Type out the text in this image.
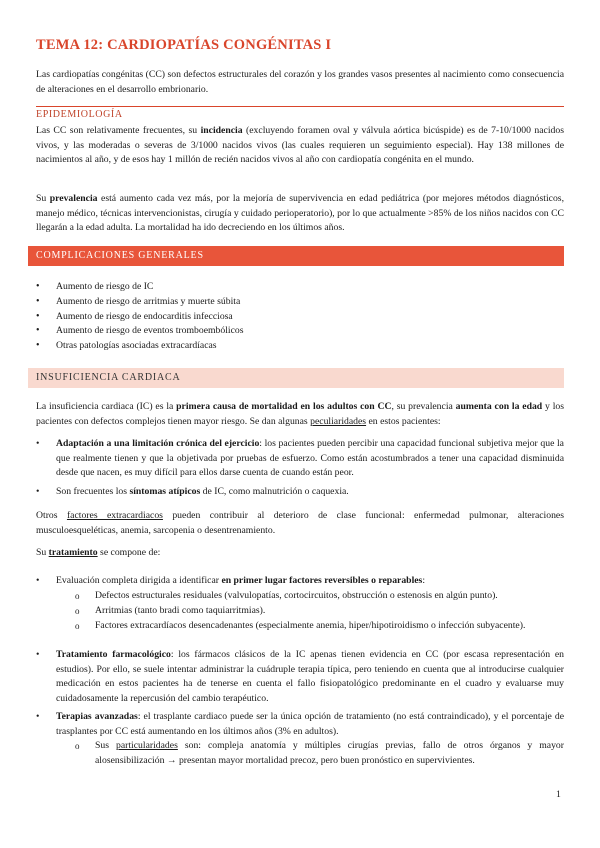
TEMA 12: CARDIOPATÍAS CONGÉNITAS I

Las cardiopatías congénitas (CC) son defectos estructurales del corazón y los grandes vasos presentes al nacimiento como consecuencia de alteraciones en el desarrollo embrionario.

EPIDEMIOLOGÍA

Las CC son relativamente frecuentes, su incidencia (excluyendo foramen oval y válvula aórtica bicúspide) es de 7-10/1000 nacidos vivos, y las moderadas o severas de 3/1000 nacidos vivos (las cuales requieren un seguimiento especial). Hay 138 millones de nacimientos al año, y de esos hay 1 millón de recién nacidos vivos al año con cardiopatía congénita en el mundo.

Su prevalencia está aumento cada vez más, por la mejoría de supervivencia en edad pediátrica (por mejores métodos diagnósticos, manejo médico, técnicas intervencionistas, cirugía y cuidado perioperatorio), por lo que actualmente >85% de los niños nacidos con CC llegarán a la edad adulta. La mortalidad ha ido decreciendo en los últimos años.

COMPLICACIONES GENERALES
• Aumento de riesgo de IC
• Aumento de riesgo de arritmias y muerte súbita
• Aumento de riesgo de endocarditis infecciosa
• Aumento de riesgo de eventos tromboembólicos
• Otras patologías asociadas extracardíacas
INSUFICIENCIA CARDIACA

La insuficiencia cardiaca (IC) es la primera causa de mortalidad en los adultos con CC, su prevalencia aumenta con la edad y los pacientes con defectos complejos tienen mayor riesgo. Se dan algunas peculiaridades en estos pacientes:

• Adaptación a una limitación crónica del ejercicio: los pacientes pueden percibir una capacidad funcional subjetiva mejor que la que realmente tienen y que la objetivada por pruebas de esfuerzo. Como están acostumbrados a tener una capacidad disminuida desde que nacen, es muy difícil para ellos darse cuenta de cuando están peor.
• Son frecuentes los síntomas atípicos de IC, como malnutrición o caquexia.

Otros factores extracardiacos pueden contribuir al deterioro de clase funcional: enfermedad pulmonar, alteraciones musculoesqueléticas, anemia, sarcopenia o desentrenamiento.

Su tratamiento se compone de:

• Evaluación completa dirigida a identificar en primer lugar factores reversibles o reparables:
o Defectos estructurales residuales (valvulopatías, cortocircuitos, obstrucción o estenosis en algún punto).
o Arritmias (tanto bradi como taquiarritmias).
o Factores extracardíacos desencadenantes (especialmente anemia, hiper/hipotiroidismo o infección subyacente).
• Tratamiento farmacológico: los fármacos clásicos de la IC apenas tienen evidencia en CC (por escasa representación en estudios). Por ello, se suele intentar administrar la cuádruple terapia típica, pero teniendo en cuenta que al introducirse cualquier medicación en estos pacientes ha de tenerse en cuenta el fallo fisiopatológico predominante en el cuadro y evaluarse muy cuidadosamente la repercusión del cambio terapéutico.
• Terapias avanzadas: el trasplante cardiaco puede ser la única opción de tratamiento (no está contraindicado), y el porcentaje de trasplantes por CC está aumentando en los últimos años (3% en adultos).
o Sus particularidades son: compleja anatomía y múltiples cirugías previas, fallo de otros órganos y mayor alosensibilización → presentan mayor mortalidad precoz, pero buen pronóstico en supervivientes.
1
